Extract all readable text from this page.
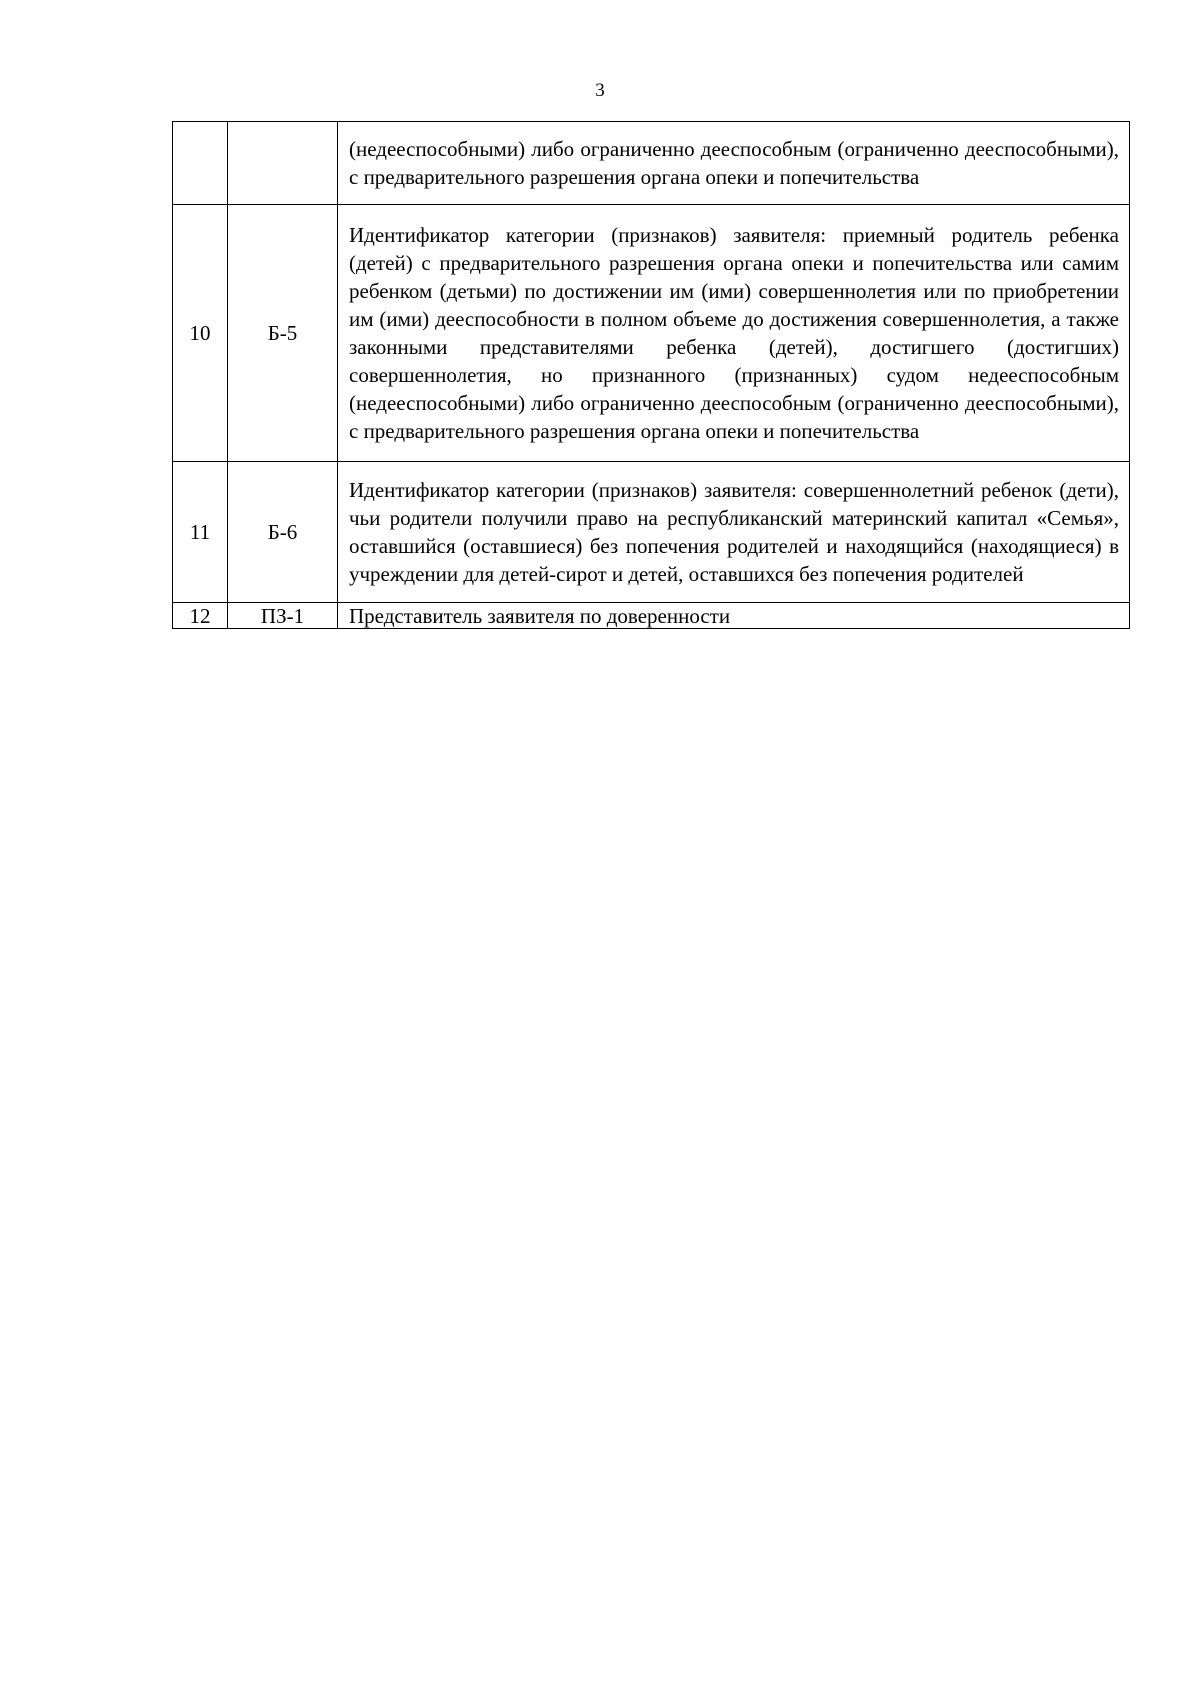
3
		(недееспособными) либо ограниченно дееспособным (ограниченно дееспособными), с предварительного разрешения органа опеки и попечительства
10	Б-5	Идентификатор категории (признаков) заявителя: приемный родитель ребенка (детей) с предварительного разрешения органа опеки и попечительства или самим ребенком (детьми) по достижении им (ими) совершеннолетия или по приобретении им (ими) дееспособности в полном объеме до достижения совершеннолетия, а также законными представителями ребенка (детей), достигшего (достигших) совершеннолетия, но признанного (признанных) судом недееспособным (недееспособными) либо ограниченно дееспособным (ограниченно дееспособными), с предварительного разрешения органа опеки и попечительства
11	Б-6	Идентификатор категории (признаков) заявителя: совершеннолетний ребенок (дети), чьи родители получили право на республиканский материнский капитал «Семья», оставшийся (оставшиеся) без попечения родителей и находящийся (находящиеся) в учреждении для детей-сирот и детей, оставшихся без попечения родителей
12	ПЗ-1	Представитель заявителя по доверенности
